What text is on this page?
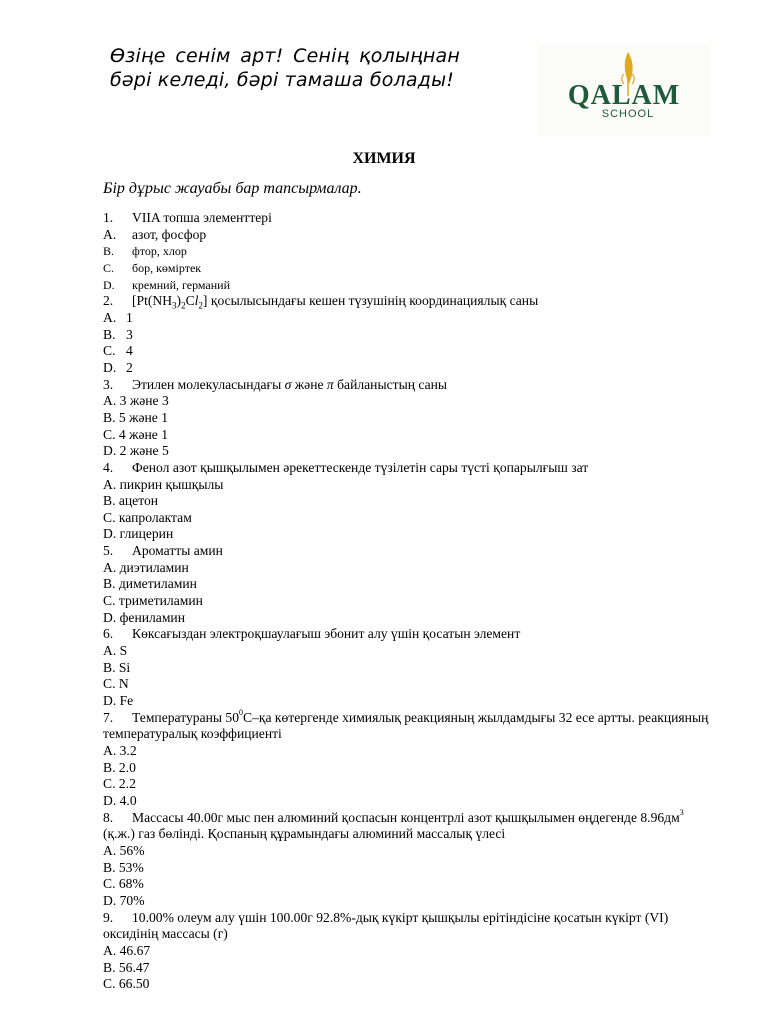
Өзіңе сенім арт! Сенің қолыңнан бәрі келеді, бәрі тамаша болады!	QALAM
SCHOOL
ХИМИЯ
Бір дұрыс жауабы бар тапсырмалар.
1. VIIA топша элементтері
A. азот, фосфор
B. фтор, хлор
C. бор, көміртек
D. кремний, германий
2. $[Pt(NH_3)_2Cl_2]$ қосылысындағы кешен түзушінің координациялық саны
A. 1
B. 3
C. 4
D. 2
3. Этилен молекуласындағы σ және π байланыстың саны
A. 3 және 3
B. 5 және 1
C. 4 және 1
D. 2 және 5
4. Фенол азот қышқылымен әрекеттескенде түзілетін сары түсті қопарылғыш зат
A. пикрин қышқылы
B. ацетон
C. капролактам
D. глицерин
5. Ароматты амин
A. диэтиламин
B. диметиламин
C. триметиламин
D. фениламин
6. Көксағыздан электроқшаулағыш эбонит алу үшін қосатын элемент
A. S
B. Si
C. N
D. Fe
7. Температураны $50^0С-қа$ көтергенде химиялық реакцияның жылдамдығы 32 есе артты. реакцияның температуралық коэффициенті
A. 3.2
B. 2.0
C. 2.2
D. 4.0
8. Массасы 40.00г мыс пен алюминий қоспасын концентрлі азот қышқылымен өңдегенде $8.96дм^3$ (қ.ж.) газ бөлінді. Қоспаның құрамындағы алюминий массалық үлесі
A. 56%
B. 53%
C. 68%
D. 70%
9. 10.00% олеум алу үшін 100.00г 92.8%-дық күкірт қышқылы ерітіндісіне қосатын күкірт (VI) оксидінің массасы (г)
A. 46.67
B. 56.47
C. 66.50
